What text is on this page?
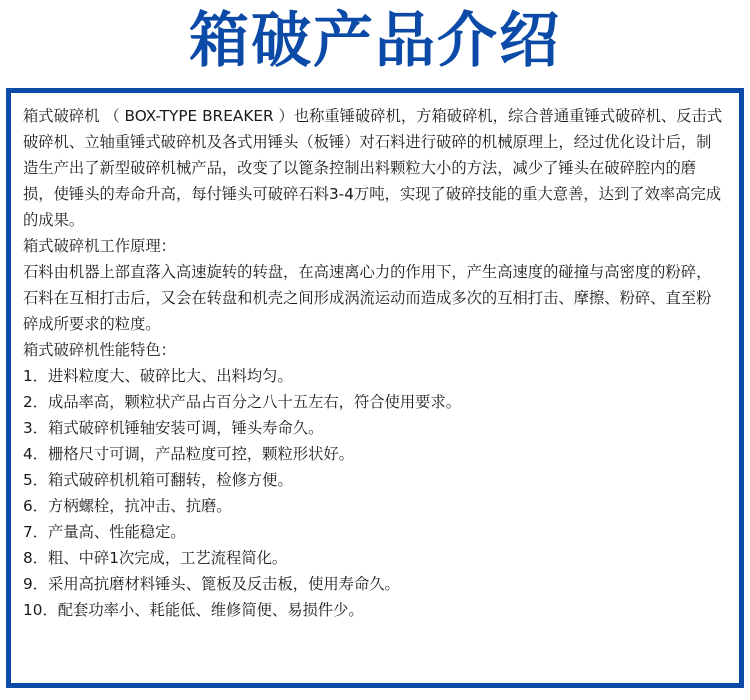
箱破产品介绍

箱式破碎机 （ BOX-TYPE BREAKER ）也称重锤破碎机，方箱破碎机，综合普通重锤式破碎机、反击式破碎机、立轴重锤式破碎机及各式用锤头（板锤）对石料进行破碎的机械原理上，经过优化设计后，制造生产出了新型破碎机械产品，改变了以篦条控制出料颗粒大小的方法，减少了锤头在破碎腔内的磨损，使锤头的寿命升高，每付锤头可破碎石料3-4万吨，实现了破碎技能的重大意善，达到了效率高完成的成果。

箱式破碎机工作原理：

石料由机器上部直落入高速旋转的转盘，在高速离心力的作用下，产生高速度的碰撞与高密度的粉碎，石料在互相打击后，又会在转盘和机壳之间形成涡流运动而造成多次的互相打击、摩擦、粉碎、直至粉碎成所要求的粒度。

箱式破碎机性能特色：

1．进料粒度大、破碎比大、出料均匀。
2．成品率高，颗粒状产品占百分之八十五左右，符合使用要求。
3．箱式破碎机锤轴安装可调，锤头寿命久。
4．栅格尺寸可调，产品粒度可控，颗粒形状好。
5．箱式破碎机机箱可翻转，检修方便。
6．方柄螺栓，抗冲击、抗磨。
7．产量高、性能稳定。
8．粗、中碎1次完成，工艺流程简化。
9．采用高抗磨材料锤头、篦板及反击板，使用寿命久。
10．配套功率小、耗能低、维修简便、易损件少。
